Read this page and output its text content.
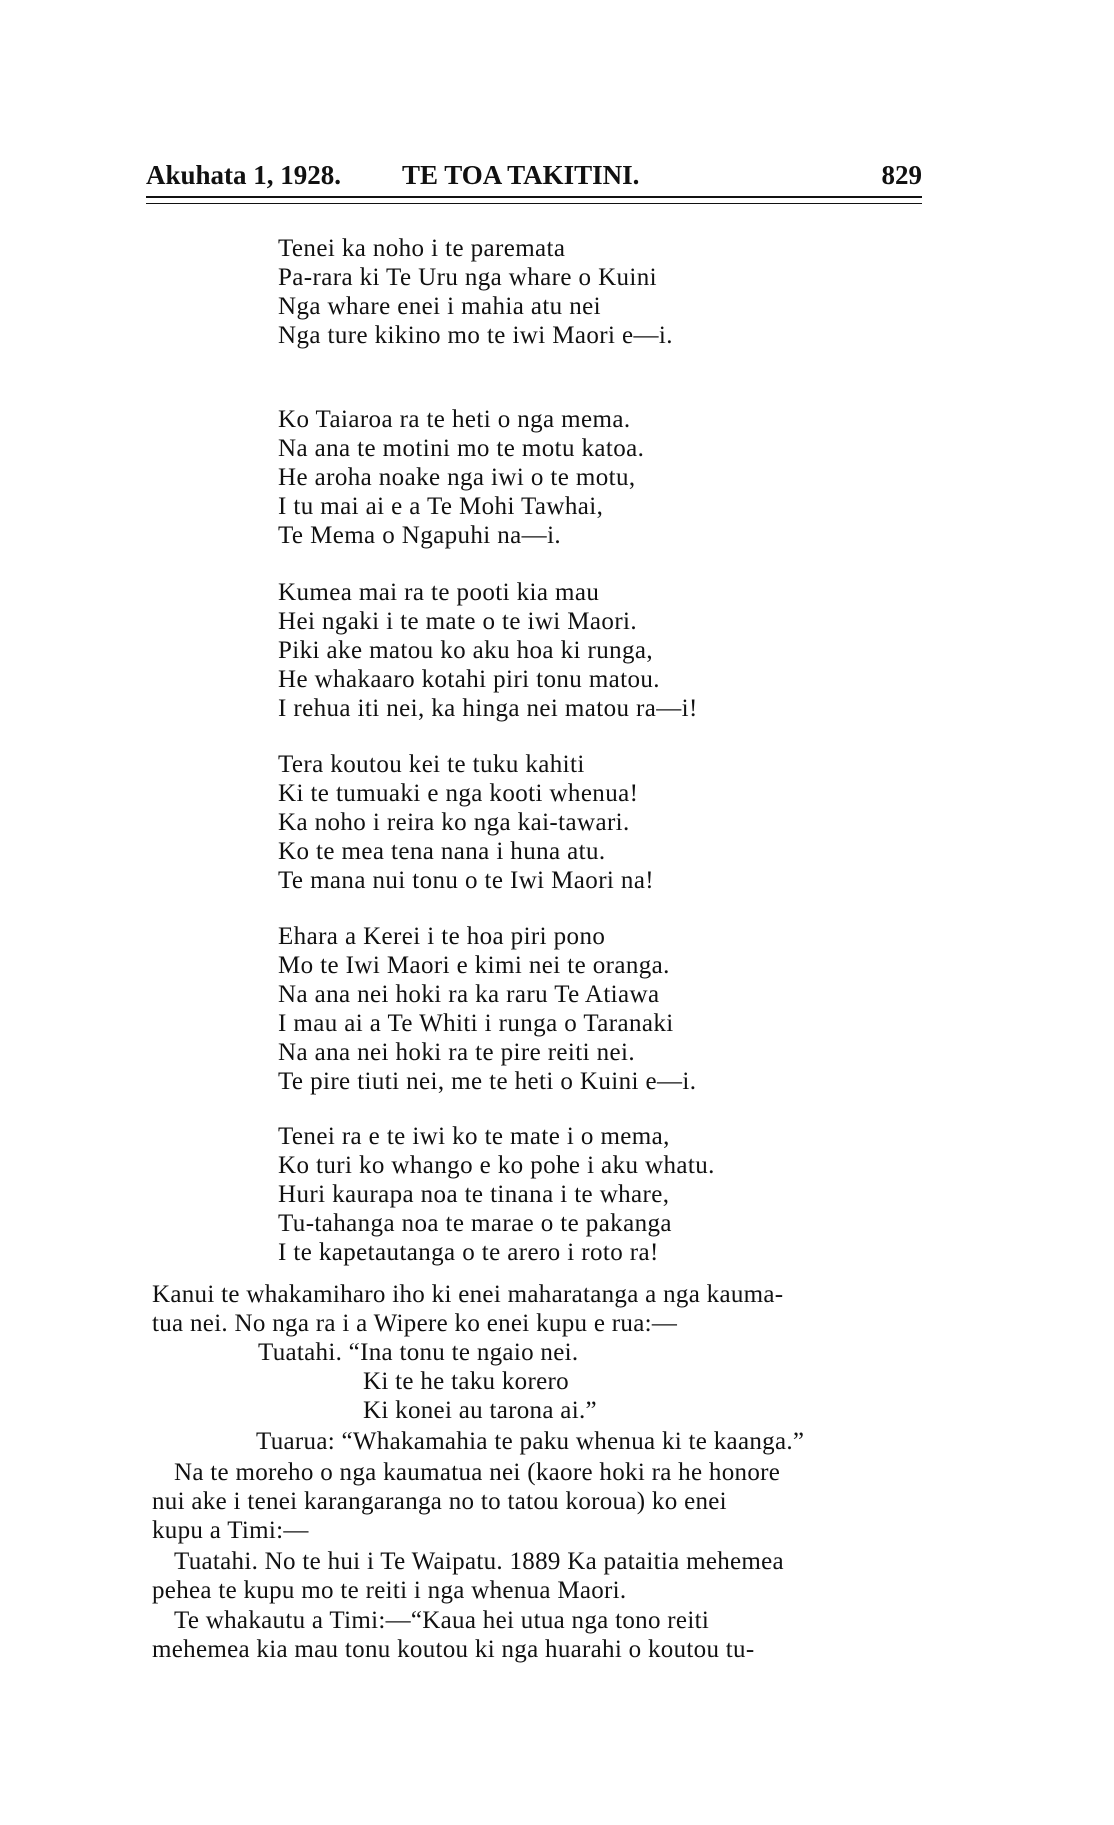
Akuhata 1, 1928. TE TOA TAKITINI.	829
Tenei ka noho i te paremata
Pa-rara ki Te Uru nga whare o Kuini
Nga whare enei i mahia atu nei
Nga ture kikino mo te iwi Maori e—i.
Ko Taiaroa ra te heti o nga mema.
Na ana te motini mo te motu katoa.
He aroha noake nga iwi o te motu,
I tu mai ai e a Te Mohi Tawhai,
Te Mema o Ngapuhi na—i.
Kumea mai ra te pooti kia mau
Hei ngaki i te mate o te iwi Maori.
Piki ake matou ko aku hoa ki runga,
He whakaaro kotahi piri tonu matou.
I rehua iti nei, ka hinga nei matou ra—i!
Tera koutou kei te tuku kahiti
Ki te tumuaki e nga kooti whenua!
Ka noho i reira ko nga kai-tawari.
Ko te mea tena nana i huna atu.
Te mana nui tonu o te Iwi Maori na!
Ehara a Kerei i te hoa piri pono
Mo te Iwi Maori e kimi nei te oranga.
Na ana nei hoki ra ka raru Te Atiawa
I mau ai a Te Whiti i runga o Taranaki
Na ana nei hoki ra te pire reiti nei.
Te pire tiuti nei, me te heti o Kuini e—i.
Tenei ra e te iwi ko te mate i o mema,
Ko turi ko whango e ko pohe i aku whatu.
Huri kaurapa noa te tinana i te whare,
Tu-tahanga noa te marae o te pakanga
I te kapetautanga o te arero i roto ra!
Kanui te whakamiharo iho ki enei maharatanga a nga kauma-
tua nei. No nga ra i a Wipere ko enei kupu e rua:—
Tuatahi. “Ina tonu te ngaio nei.
Ki te he taku korero
Ki konei au tarona ai.”
Tuarua: “Whakamahia te paku whenua ki te kaanga.”
Na te moreho o nga kaumatua nei (kaore hoki ra he honore
nui ake i tenei karangaranga no to tatou koroua) ko enei
kupu a Timi:—
Tuatahi. No te hui i Te Waipatu. 1889 Ka pataitia mehemea
pehea te kupu mo te reiti i nga whenua Maori.
Te whakautu a Timi:—“Kaua hei utua nga tono reiti
mehemea kia mau tonu koutou ki nga huarahi o koutou tu-
